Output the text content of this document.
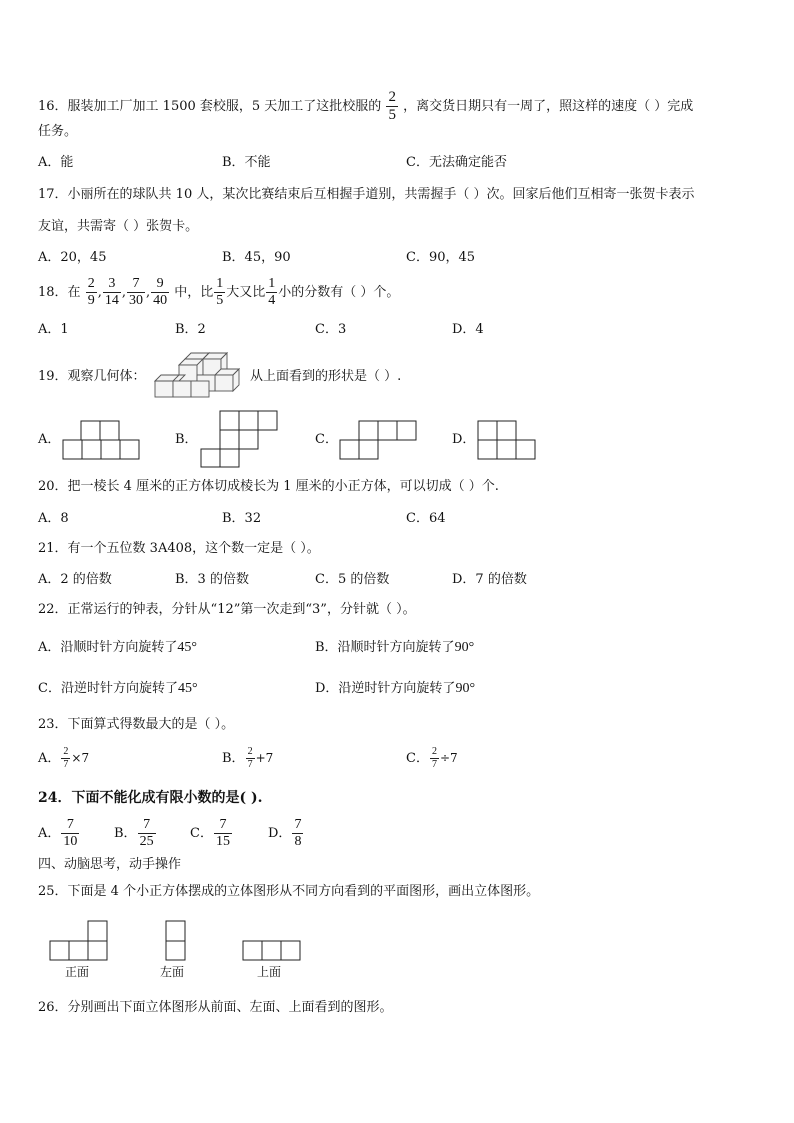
16．服装加工厂加工 1500 套校服，5 天加工了这批校服的 $\frac{2}{5}$ ，离交货日期只有一周了，照这样的速度（ ）完成
任务。
A．能	B．不能	C．无法确定能否
17．小丽所在的球队共 10 人，某次比赛结束后互相握手道别，共需握手（ ）次。回家后他们互相寄一张贺卡表示
友谊，共需寄（ ）张贺卡。
A．20，45	B．45，90	C．90，45
18．在 $\frac{2}{9}$ , $\frac{3}{14}$ , $\frac{7}{30}$ , $\frac{9}{40}$ 中，比 $\frac{1}{5}$ 大又比 $\frac{1}{4}$ 小的分数有（ ）个。
A．1	B．2	C．3	D．4
19．观察几何体：	从上面看到的形状是（ ）.
A．	B．	C．	D．
20．把一棱长 4 厘米的正方体切成棱长为 1 厘米的小正方体，可以切成（ ）个.
A．8	B．32	C．64
21．有一个五位数 3A408，这个数一定是（ ）。
A．2 的倍数	B．3 的倍数	C．5 的倍数	D．7 的倍数
22．正常运行的钟表，分针从“12”第一次走到“3”，分针就（ ）。
A．沿顺时针方向旋转了45°	B．沿顺时针方向旋转了90°
C．沿逆时针方向旋转了45°	D．沿逆时针方向旋转了90°
23．下面算式得数最大的是（ ）。
A． $\frac{2}{7} \times 7$	B． $\frac{2}{7} +7$	C． $\frac{2}{7} \div 7$
24．下面不能化成有限小数的是( ).
A． $\frac{7}{10}$	B． $\frac{7}{25}$	C． $\frac{7}{15}$	D． $\frac{7}{8}$
四、动脑思考，动手操作
25．下面是 4 个小正方体摆成的立体图形从不同方向看到的平面图形，画出立体图形。
正面	左面	上面
26．分别画出下面立体图形从前面、左面、上面看到的图形。
